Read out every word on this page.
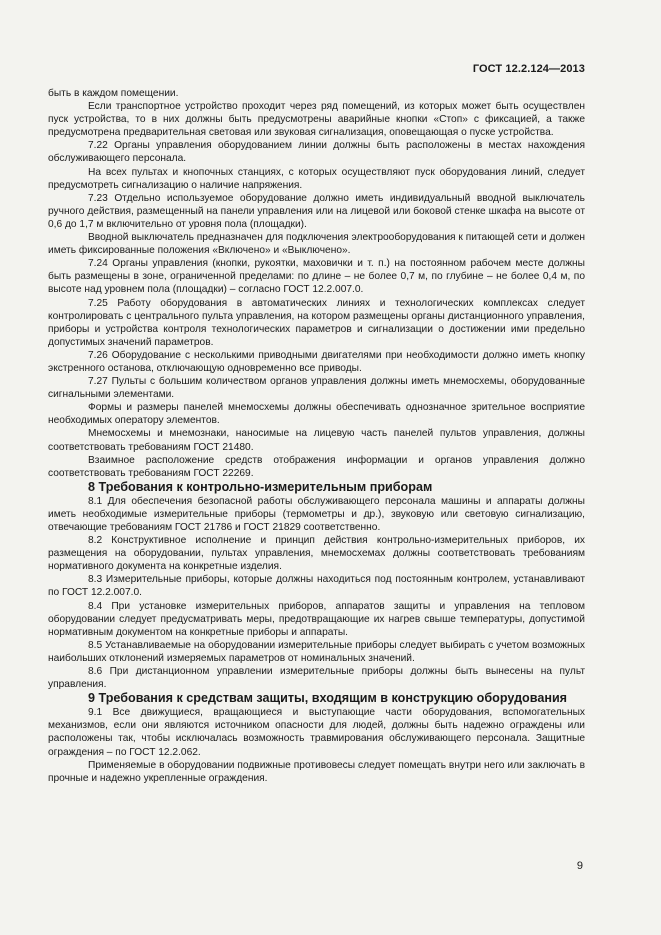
ГОСТ 12.2.124—2013

быть в каждом помещении.

Если транспортное устройство проходит через ряд помещений, из которых может быть осуществлен пуск устройства, то в них должны быть предусмотрены аварийные кнопки «Стоп» с фиксацией, а также предусмотрена предварительная световая или звуковая сигнализация, оповещающая о пуске устройства.

7.22 Органы управления оборудованием линии должны быть расположены в местах нахождения обслуживающего персонала.

На всех пультах и кнопочных станциях, с которых осуществляют пуск оборудования линий, следует предусмотреть сигнализацию о наличие напряжения.

7.23 Отдельно используемое оборудование должно иметь индивидуальный вводной выключатель ручного действия, размещенный на панели управления или на лицевой или боковой стенке шкафа на высоте от 0,6 до 1,7 м включительно от уровня пола (площадки).

Вводной выключатель предназначен для подключения электрооборудования к питающей сети и должен иметь фиксированные положения «Включено» и «Выключено».

7.24 Органы управления (кнопки, рукоятки, маховички и т. п.) на постоянном рабочем месте должны быть размещены в зоне, ограниченной пределами: по длине – не более 0,7 м, по глубине – не более 0,4 м, по высоте над уровнем пола (площадки) – согласно ГОСТ 12.2.007.0.

7.25 Работу оборудования в автоматических линиях и технологических комплексах следует контролировать с центрального пульта управления, на котором размещены органы дистанционного управления, приборы и устройства контроля технологических параметров и сигнализации о достижении ими предельно допустимых значений параметров.

7.26 Оборудование с несколькими приводными двигателями при необходимости должно иметь кнопку экстренного останова, отключающую одновременно все приводы.

7.27 Пульты с большим количеством органов управления должны иметь мнемосхемы, оборудованные сигнальными элементами.

Формы и размеры панелей мнемосхемы должны обеспечивать однозначное зрительное восприятие необходимых оператору элементов.

Мнемосхемы и мнемознаки, наносимые на лицевую часть панелей пультов управления, должны соответствовать требованиям ГОСТ 21480.

Взаимное расположение средств отображения информации и органов управления должно соответствовать требованиям ГОСТ 22269.

8 Требования к контрольно-измерительным приборам

8.1 Для обеспечения безопасной работы обслуживающего персонала машины и аппараты должны иметь необходимые измерительные приборы (термометры и др.), звуковую или световую сигнализацию, отвечающие требованиям ГОСТ 21786 и ГОСТ 21829 соответственно.

8.2 Конструктивное исполнение и принцип действия контрольно-измерительных приборов, их размещения на оборудовании, пультах управления, мнемосхемах должны соответствовать требованиям нормативного документа на конкретные изделия.

8.3 Измерительные приборы, которые должны находиться под постоянным контролем, устанавливают по ГОСТ 12.2.007.0.

8.4 При установке измерительных приборов, аппаратов защиты и управления на тепловом оборудовании следует предусматривать меры, предотвращающие их нагрев свыше температуры, допустимой нормативным документом на конкретные приборы и аппараты.

8.5 Устанавливаемые на оборудовании измерительные приборы следует выбирать с учетом возможных наибольших отклонений измеряемых параметров от номинальных значений.

8.6 При дистанционном управлении измерительные приборы должны быть вынесены на пульт управления.

9 Требования к средствам защиты, входящим в конструкцию оборудования

9.1 Все движущиеся, вращающиеся и выступающие части оборудования, вспомогательных механизмов, если они являются источником опасности для людей, должны быть надежно ограждены или расположены так, чтобы исключалась возможность травмирования обслуживающего персонала. Защитные ограждения – по ГОСТ 12.2.062.

Применяемые в оборудовании подвижные противовесы следует помещать внутри него или заключать в прочные и надежно укрепленные ограждения.

9
